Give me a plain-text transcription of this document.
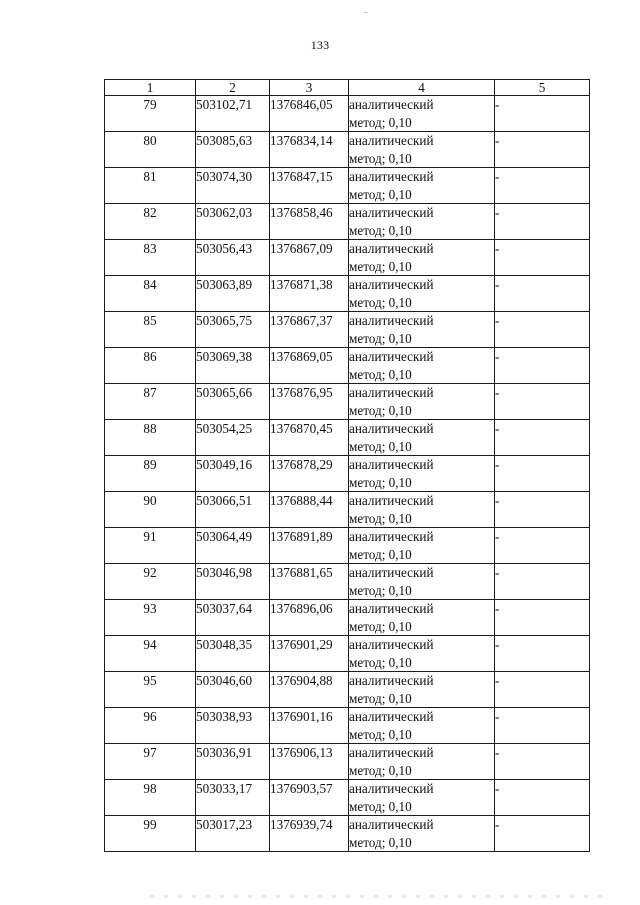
133
1	2	3	4	5
79	503102,71	1376846,05	аналитический
метод; 0,10	-
80	503085,63	1376834,14	аналитический
метод; 0,10	-
81	503074,30	1376847,15	аналитический
метод; 0,10	-
82	503062,03	1376858,46	аналитический
метод; 0,10	-
83	503056,43	1376867,09	аналитический
метод; 0,10	-
84	503063,89	1376871,38	аналитический
метод; 0,10	-
85	503065,75	1376867,37	аналитический
метод; 0,10	-
86	503069,38	1376869,05	аналитический
метод; 0,10	-
87	503065,66	1376876,95	аналитический
метод; 0,10	-
88	503054,25	1376870,45	аналитический
метод; 0,10	-
89	503049,16	1376878,29	аналитический
метод; 0,10	-
90	503066,51	1376888,44	аналитический
метод; 0,10	-
91	503064,49	1376891,89	аналитический
метод; 0,10	-
92	503046,98	1376881,65	аналитический
метод; 0,10	-
93	503037,64	1376896,06	аналитический
метод; 0,10	-
94	503048,35	1376901,29	аналитический
метод; 0,10	-
95	503046,60	1376904,88	аналитический
метод; 0,10	-
96	503038,93	1376901,16	аналитический
метод; 0,10	-
97	503036,91	1376906,13	аналитический
метод; 0,10	-
98	503033,17	1376903,57	аналитический
метод; 0,10	-
99	503017,23	1376939,74	аналитический
метод; 0,10	-
